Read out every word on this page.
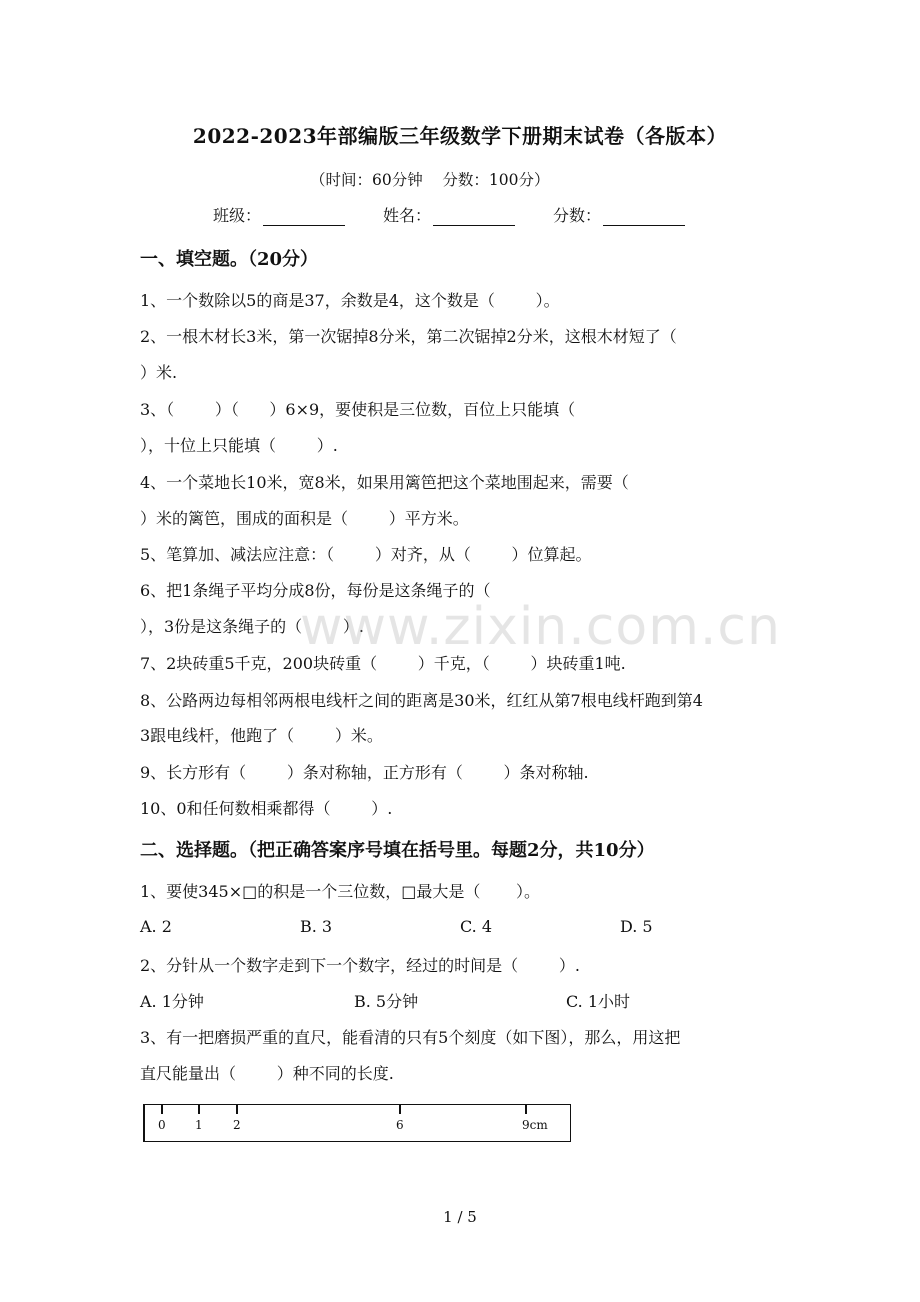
2022-2023年部编版三年级数学下册期末试卷（各版本）
（时间：60分钟    分数：100分）
班级：	姓名：	分数：
一、填空题。（20分）
1、一个数除以5的商是37，余数是4，这个数是（        ）。
2、一根木材长3米，第一次锯掉8分米，第二次锯掉2分米，这根木材短了（
）米.
3、（        ）（      ）6×9，要使积是三位数，百位上只能填（
），十位上只能填（        ）.
4、一个菜地长10米，宽8米，如果用篱笆把这个菜地围起来，需要（
）米的篱笆，围成的面积是（        ）平方米。
5、笔算加、减法应注意：（        ）对齐，从（        ）位算起。
6、把1条绳子平均分成8份，每份是这条绳子的（
），3份是这条绳子的（        ）.
7、2块砖重5千克，200块砖重（        ）千克，（        ）块砖重1吨.
8、公路两边每相邻两根电线杆之间的距离是30米，红红从第7根电线杆跑到第4
3跟电线杆，他跑了（        ）米。
9、长方形有（        ）条对称轴，正方形有（        ）条对称轴.
10、0和任何数相乘都得（        ）.
二、选择题。（把正确答案序号填在括号里。每题2分，共10分）
1、要使345×□的积是一个三位数，□最大是（       ）。
A. 2	B. 3	C. 4	D. 5
2、分针从一个数字走到下一个数字，经过的时间是（        ）.
A. 1分钟	B. 5分钟	C. 1小时
3、有一把磨损严重的直尺，能看清的只有5个刻度（如下图），那么，用这把
直尺能量出（        ）种不同的长度.
0 1	2	6	9cm
www.zixin.com.cn
1 / 5
